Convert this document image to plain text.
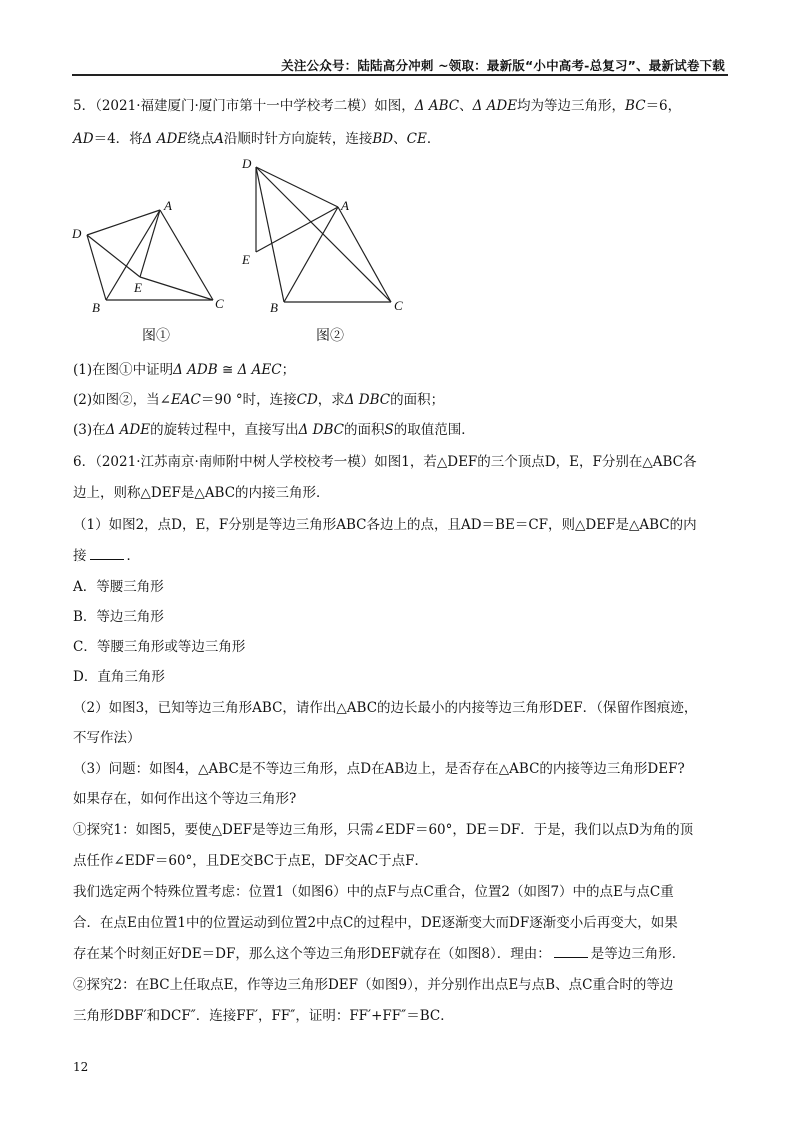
关注公众号：陆陆高分冲刺 ~领取：最新版“小中高考-总复习”、最新试卷下载
5．（2021·福建厦门·厦门市第十一中学校考二模）如图，Δ ABC、Δ ADE均为等边三角形，BC＝6，
AD＝4．将Δ ADE绕点A沿顺时针方向旋转，连接BD、CE．
A
D
E
B	C
图①
D
A
E
B	C
图②
(1)在图①中证明Δ ADB ≅ Δ AEC；
(2)如图②，当∠EAC＝90 °时，连接CD，求Δ DBC的面积；
(3)在Δ ADE的旋转过程中，直接写出Δ DBC的面积S的取值范围．
6．（2021·江苏南京·南师附中树人学校校考一模）如图1，若△DEF的三个顶点D，E，F分别在△ABC各
边上，则称△DEF是△ABC的内接三角形．
（1）如图2，点D，E，F分别是等边三角形ABC各边上的点，且AD＝BE＝CF，则△DEF是△ABC的内
接	．
A．等腰三角形
B．等边三角形
C．等腰三角形或等边三角形
D．直角三角形
（2）如图3，已知等边三角形ABC，请作出△ABC的边长最小的内接等边三角形DEF．（保留作图痕迹，
不写作法）
（3）问题：如图4，△ABC是不等边三角形，点D在AB边上，是否存在△ABC的内接等边三角形DEF?
如果存在，如何作出这个等边三角形?
①探究1：如图5，要使△DEF是等边三角形，只需∠EDF＝60°，DE＝DF．于是，我们以点D为角的顶
点任作∠EDF＝60°，且DE交BC于点E，DF交AC于点F．
我们选定两个特殊位置考虑：位置1（如图6）中的点F与点C重合，位置2（如图7）中的点E与点C重
合．在点E由位置1中的位置运动到位置2中点C的过程中，DE逐渐变大而DF逐渐变小后再变大，如果
存在某个时刻正好DE＝DF，那么这个等边三角形DEF就存在（如图8）．理由：	是等边三角形．
②探究2：在BC上任取点E，作等边三角形DEF（如图9），并分别作出点E与点B、点C重合时的等边
三角形DBF′和DCF″．连接FF′，FF″，证明：FF′+FF″＝BC．
12
